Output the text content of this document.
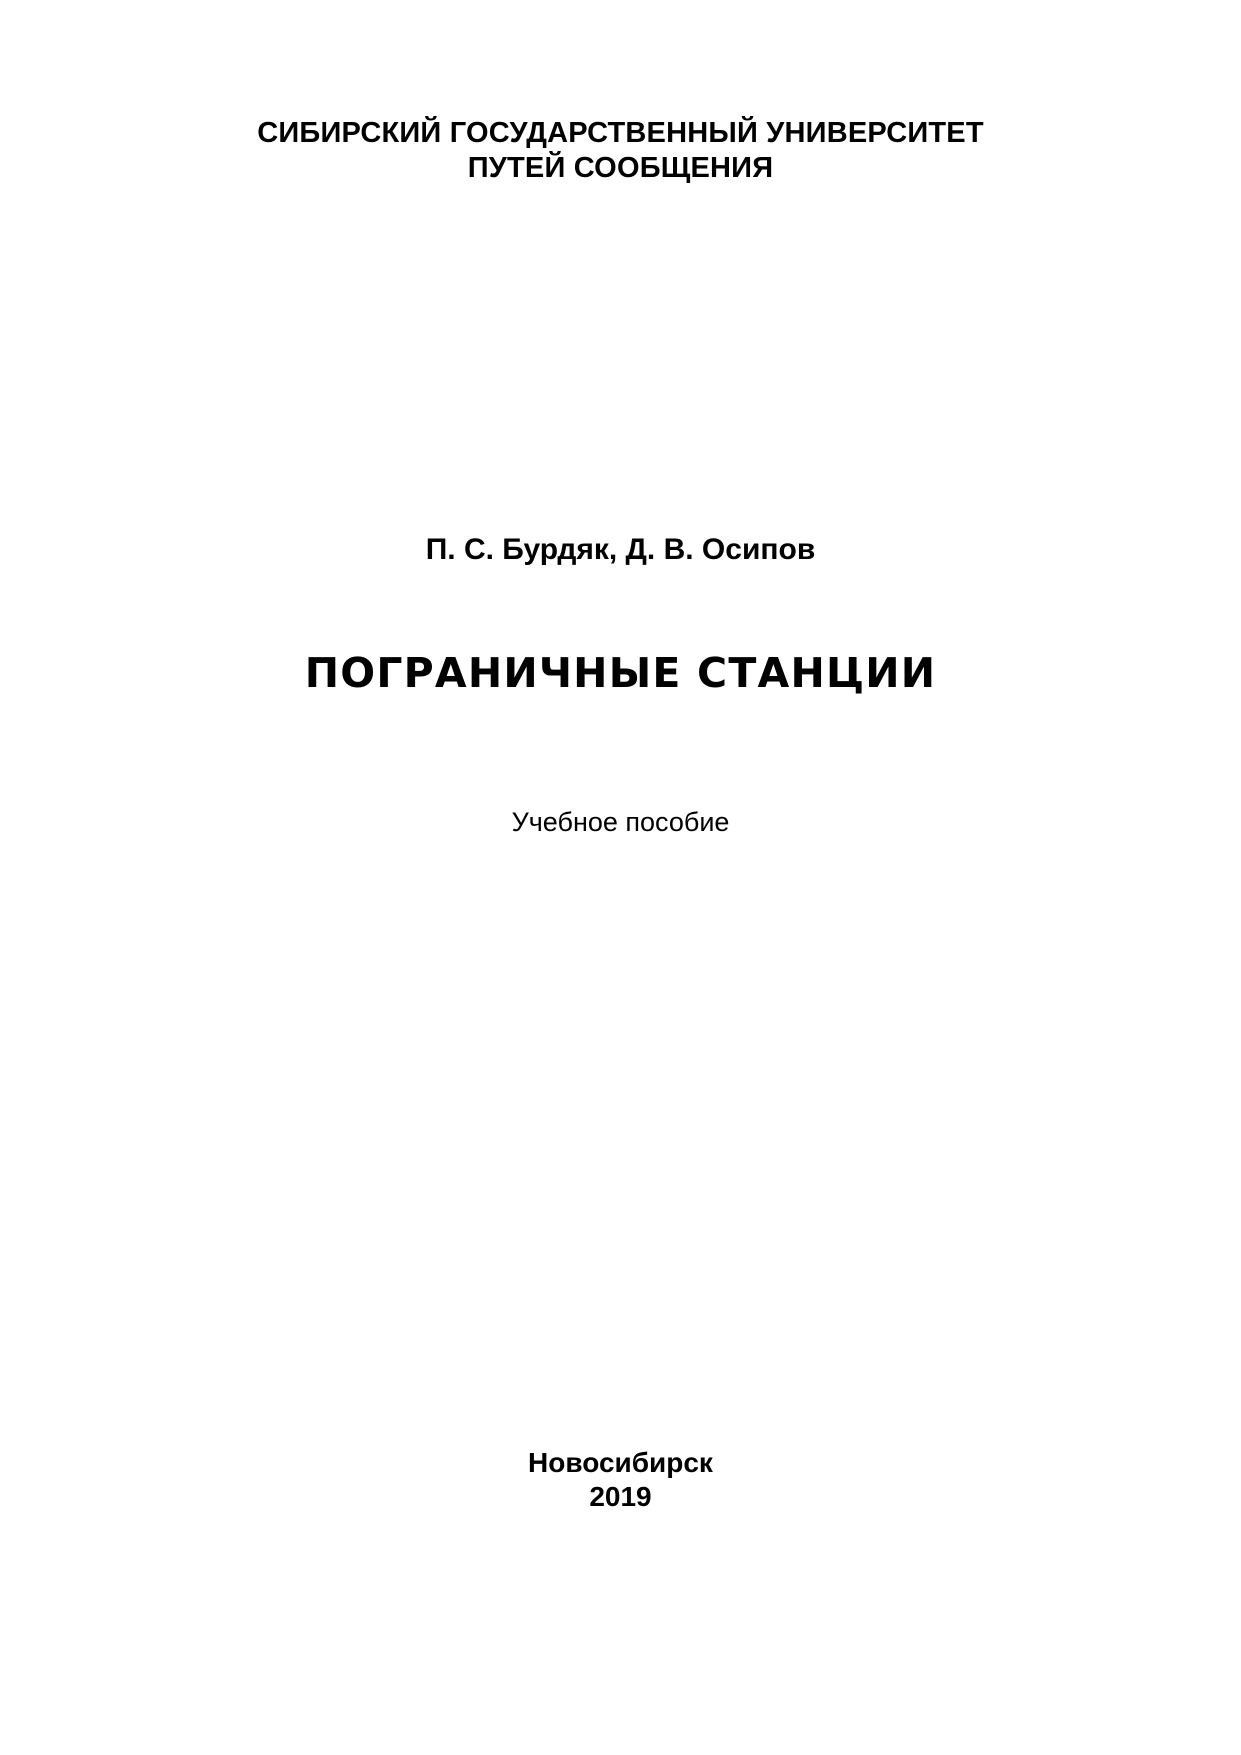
СИБИРСКИЙ ГОСУДАРСТВЕННЫЙ УНИВЕРСИТЕТ
ПУТЕЙ СООБЩЕНИЯ
П. С. Бурдяк, Д. В. Осипов
ПОГРАНИЧНЫЕ СТАНЦИИ
Учебное пособие
Новосибирск
2019
